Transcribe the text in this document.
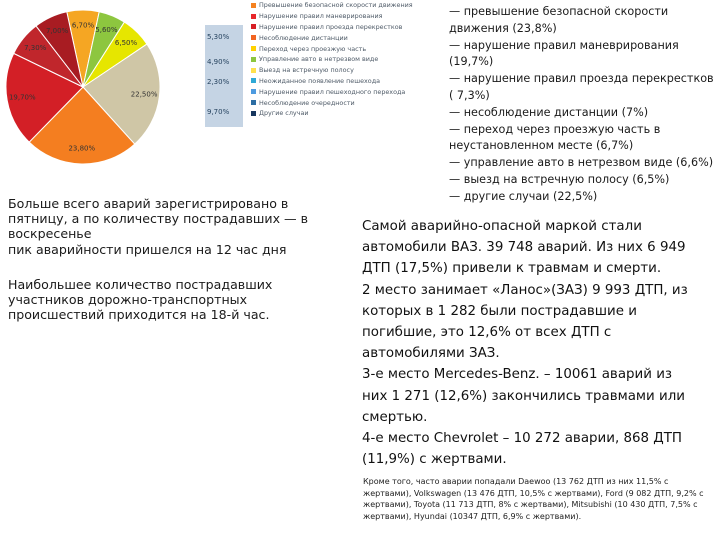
6,70%
5,60%
6,50%
22,50%
23,80%
19,70%
7,30%
7,00%
5,30%
4,90%
2,30%
9,70%
Превышение безопасной скорости движения
Нарушение правил маневрирования
Нарушение правил проезда перекрестков
Несоблюдение дистанции
Переход через проезжую часть
Управление авто в нетрезвом виде
Выезд на встречную полосу
Неожиданное появление пешехода
Нарушение правил пешеходного перехода
Несоблюдение очередности
Другие случаи
— превышение безопасной скорости
движения (23,8%)
— нарушение правил маневрирования
(19,7%)
— нарушение правил проезда перекрестков
( 7,3%)
— несоблюдение дистанции (7%)
— переход через проезжую часть в
неустановленном месте (6,7%)
— управление авто в нетрезвом виде (6,6%)
— выезд на встречную полосу (6,5%)
— другие случаи (22,5%)

Больше всего аварий зарегистрировано в

пятницу, а по количеству пострадавших — в

воскресенье

пик аварийности пришелся на 12 час дня

Наибольшее количество пострадавших

участников дорожно-транспортных

происшествий приходится на 18-й час.

Самой аварийно-опасной маркой стали
автомобили ВАЗ. 39 748 аварий. Из них 6 949
ДТП (17,5%) привели к травмам и смерти.
2 место занимает «Ланос»(ЗАЗ) 9 993 ДТП, из
которых в 1 282 были пострадавшие и
погибшие, это 12,6% от всех ДТП с
автомобилями ЗАЗ.
3-е место Mercedes-Benz. – 10061 аварий из
них 1 271 (12,6%) закончились травмами или
смертью.
4-е место Chevrolet – 10 272 аварии, 868 ДТП
(11,9%) с жертвами.
Кроме того, часто аварии попадали Daewoo (13 762 ДТП из них 11,5% с
жертвами), Volkswagen (13 476 ДТП, 10,5% с жертвами), Ford (9 082 ДТП, 9,2% с
жертвами), Toyota (11 713 ДТП, 8% с жертвами), Mitsubishi (10 430 ДТП, 7,5% с
жертвами), Hyundai (10347 ДТП, 6,9% с жертвами).
